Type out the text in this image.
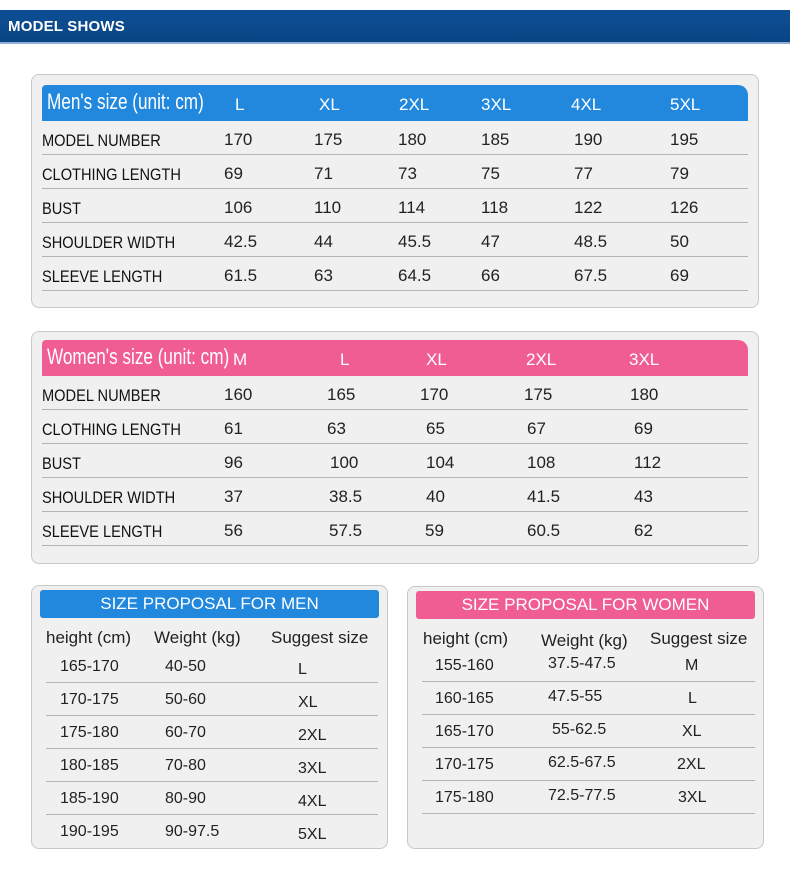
MODEL SHOWS
Men's size (unit: cm) L	XL	2XL	3XL	4XL	5XL
MODEL NUMBER	170	175	180	185	190	195
CLOTHING LENGTH	69	71	73	75	77	79
BUST	106	110	114	118	122	126
SHOULDER WIDTH	42.5	44	45.5	47	48.5	50
SLEEVE LENGTH	61.5	63	64.5	66	67.5	69
Women's size (unit: cm) M	L	XL	2XL	3XL
MODEL NUMBER	160	165	170	175	180
CLOTHING LENGTH	61	63	65	67	69
BUST	96	100	104	108	112
SHOULDER WIDTH	37	38.5	40	41.5	43
SLEEVE LENGTH	56	57.5	59	60.5	62
SIZE PROPOSAL FOR MEN
height (cm) Weight (kg) Suggest size
165-170	40-50	L
170-175	50-60	XL
175-180	60-70	2XL
180-185	70-80	3XL
185-190	80-90	4XL
190-195	90-97.5	5XL
SIZE PROPOSAL FOR WOMEN
height (cm) Weight (kg) Suggest size
155-160	37.5-47.5	M
160-165	47.5-55	L
165-170	55-62.5	XL
170-175	62.5-67.5	2XL
175-180	72.5-77.5	3XL
